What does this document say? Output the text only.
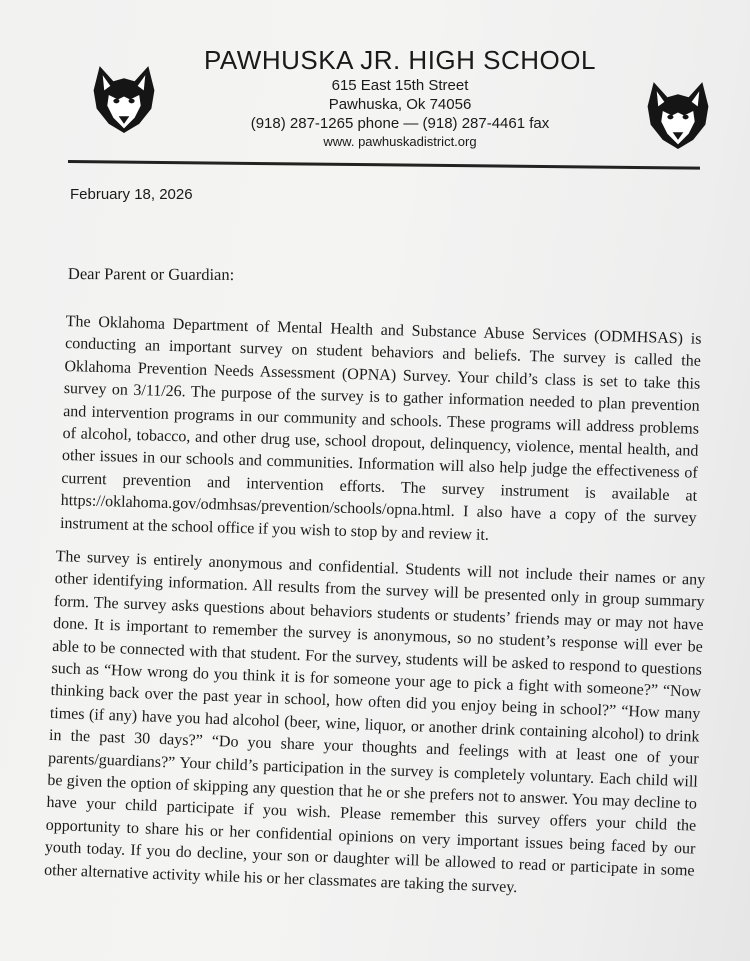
PAWHUSKA JR. HIGH SCHOOL
615 East 15th Street
Pawhuska, Ok 74056
(918) 287-1265 phone — (918) 287-4461 fax
www. pawhuskadistrict.org
February 18, 2026
Dear Parent or Guardian:

The Oklahoma Department of Mental Health and Substance Abuse Services (ODMHSAS) is conducting an important survey on student behaviors and beliefs. The survey is called the Oklahoma Prevention Needs Assessment (OPNA) Survey. Your child’s class is set to take this survey on 3/11/26. The purpose of the survey is to gather information needed to plan prevention and intervention programs in our community and schools. These programs will address problems of alcohol, tobacco, and other drug use, school dropout, delinquency, violence, mental health, and other issues in our schools and communities. Information will also help judge the effectiveness of current prevention and intervention efforts. The survey instrument is available at https://oklahoma.gov/odmhsas/prevention/schools/opna.html. I also have a copy of the survey instrument at the school office if you wish to stop by and review it.

The survey is entirely anonymous and confidential. Students will not include their names or any other identifying information. All results from the survey will be presented only in group summary form. The survey asks questions about behaviors students or students’ friends may or may not have done. It is important to remember the survey is anonymous, so no student’s response will ever be able to be connected with that student. For the survey, students will be asked to respond to questions such as “How wrong do you think it is for someone your age to pick a fight with someone?” “Now thinking back over the past year in school, how often did you enjoy being in school?” “How many times (if any) have you had alcohol (beer, wine, liquor, or another drink containing alcohol) to drink in the past 30 days?” “Do you share your thoughts and feelings with at least one of your parents/guardians?” Your child’s participation in the survey is completely voluntary. Each child will be given the option of skipping any question that he or she prefers not to answer. You may decline to have your child participate if you wish. Please remember this survey offers your child the opportunity to share his or her confidential opinions on very important issues being faced by our youth today. If you do decline, your son or daughter will be allowed to read or participate in some other alternative activity while his or her classmates are taking the survey.
